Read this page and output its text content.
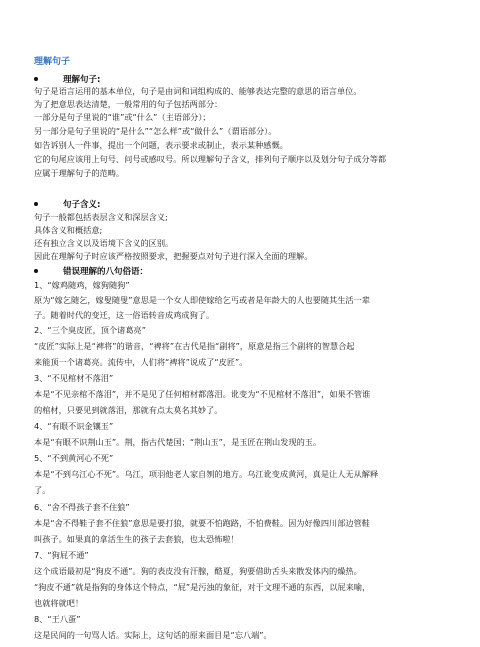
理解句子
理解句子:
句子是语言运用的基本单位，句子是由词和词组构成的、能够表达完整的意思的语言单位。
为了把意思表达清楚，一般常用的句子包括两部分：
一部分是句子里说的“谁”或“什么”（主语部分）；
另一部分是句子里说的“是什么”“怎么样”或“做什么”（谓语部分）。
如告诉别人一件事，提出一个问题，表示要求或制止，表示某种感慨。
它的句尾应该用上句号、问号或感叹号。所以理解句子含义，排列句子顺序以及划分句子成分等都
应属于理解句子的范畴。
句子含义:
句子一般都包括表层含义和深层含义;
具体含义和概括意;
还有独立含义以及语境下含义的区别。
因此在理解句子时应该严格按照要求，把握要点对句子进行深入全面的理解。
错误理解的八句俗语：
1、“嫁鸡随鸡，嫁狗随狗”
原为“嫁乞随乞，嫁叟随叟”意思是一个女人即使嫁给乞丐或者是年龄大的人也要随其生活一辈
子。随着时代的变迁，这一俗语转音成鸡成狗了。
2、“三个臭皮匠，顶个诸葛亮”
“皮匠”实际上是“裨将”的谐音，“裨将”在古代是指“副将”，原意是指三个副将的智慧合起
来能顶一个诸葛亮。流传中，人们将“裨将”说成了“皮匠”。
3、“不见棺材不落泪”
本是“不见亲棺不落泪”，并不是见了任何棺材都落泪。讹变为“不见棺材不落泪”，如果不管谁
的棺材，只要见到就落泪，那就有点太莫名其妙了。
4、“有眼不识金镶玉”
本是“有眼不识荆山玉”。荆，指古代楚国；“荆山玉”，是玉匠在荆山发现的玉。
5、“不到黄河心不死”
本是“不到乌江心不死”。乌江，项羽他老人家自刎的地方。乌江讹变成黄河，真是让人无从解释
了。
6、“舍不得孩子套不住狼”
本是“舍不得鞋子套不住狼”意思是要打狼，就要不怕跑路，不怕费鞋。因为好像四川部边管鞋
叫孩子。如果真的拿活生生的孩子去套狼，也太恐怖啦！
7、“狗屁不通”
这个成语最初是“狗皮不通”。狗的表皮没有汗腺，酷夏，狗要借助舌头来散发体内的燥热。
“狗皮不通”就是指狗的身体这个特点，“屁”是污浊的象征，对于文理不通的东西，以屁来喻，
也就将就吧！
8、“王八蛋”
这是民间的一句骂人话。实际上，这句话的原来面目是“忘八端”。
